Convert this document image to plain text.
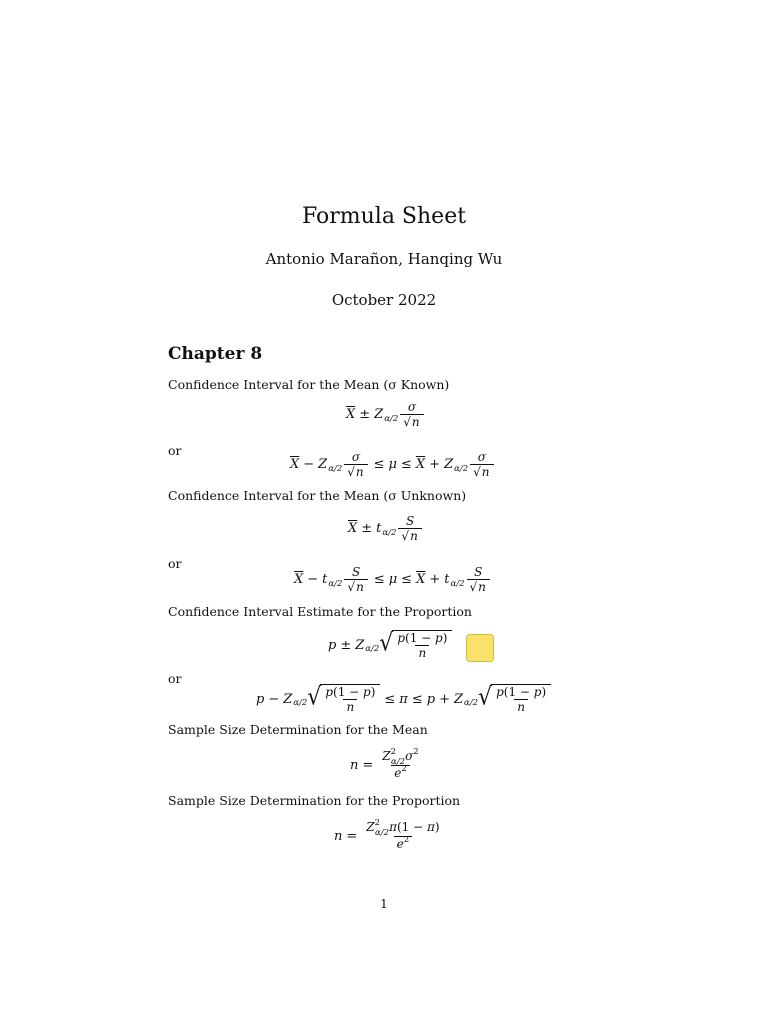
Formula Sheet
Antonio Marañon, Hanqing Wu
October 2022
Chapter 8
Confidence Interval for the Mean (σ Known)
$\overline{X} \pm Z$ $\alpha/2 \frac{\sigma}{√n}$
or
$\overline{X} - Z$ $\alpha/2 \frac{\sigma}{√n} \le \mu \le \overline{X} + Z$ $\alpha/2 \frac{\sigma}{√n}$
Confidence Interval for the Mean (σ Unknown)
$\overline{X} \pm t$ $\alpha/2 \frac{S}{√n}$
or
$\overline{X} - t$ $\alpha/2 \frac{S}{√n} \le \mu \le \overline{X} + t$ $\alpha/2 \frac{S}{√n}$
Confidence Interval Estimate for the Proportion
p ± Z α/2 √ $\frac{p(1 - p)}{n}$
or
p − Z α/2 √ $\frac{p(1 - p)}{n} \le \pi \le p + Z$ α/2 √ $\frac{p(1 - p)}{n}$
Sample Size Determination for the Mean
$n = \frac{Z^2_{\alpha/2}\sigma^2}{e^2}$
Sample Size Determination for the Proportion
$n = \frac{Z^2_{\alpha/2}\pi(1 - \pi)}{e^2}$
1
